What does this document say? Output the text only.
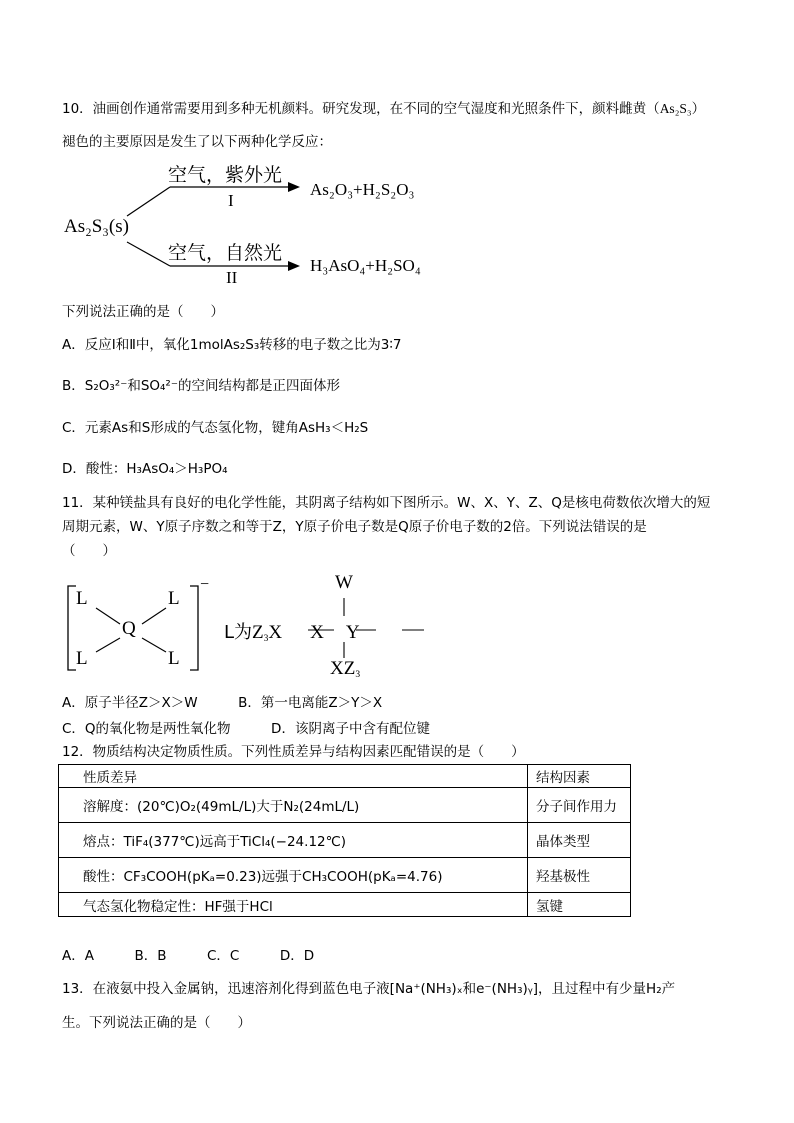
10．油画创作通常需要用到多种无机颜料。研究发现，在不同的空气湿度和光照条件下，颜料雌黄（As₂S₃）
褪色的主要原因是发生了以下两种化学反应：
As₂S₃(s)
空气，紫外光
I
As₂O₃+H₂S₂O₃
空气，自然光
II
H₃AsO₄+H₂SO₄
下列说法正确的是（　　）
A．反应Ⅰ和Ⅱ中，氧化1molAs₂S₃转移的电子数之比为3∶7
B．S₂O₃²⁻和SO₄²⁻的空间结构都是正四面体形
C．元素As和S形成的气态氢化物，键角AsH₃＜H₂S
D．酸性：H₃AsO₄＞H₃PO₄
11．某种镁盐具有良好的电化学性能，其阴离子结构如下图所示。W、X、Y、Z、Q是核电荷数依次增大的短
周期元素，W、Y原子序数之和等于Z，Y原子价电子数是Q原子价电子数的2倍。下列说法错误的是
（　　）
L	L
Q
L	L
−
L为$Z_3X$ X Y
W
$XZ_3$
A．原子半径Z＞X＞W　　　B．第一电离能Z＞Y＞X
C．Q的氧化物是两性氧化物　　　D．该阴离子中含有配位键
12．物质结构决定物质性质。下列性质差异与结构因素匹配错误的是（　　）
性质差异	结构因素
溶解度：(20℃)O₂(49mL/L)大于N₂(24mL/L)	分子间作用力
熔点：TiF₄(377℃)远高于TiCl₄(−24.12℃)	晶体类型
酸性：CF₃COOH(pKₐ=0.23)远强于CH₃COOH(pKₐ=4.76)	羟基极性
气态氢化物稳定性：HF强于HCl	氢键
A．A　　　B．B　　　C．C　　　D．D
13．在液氨中投入金属钠，迅速溶剂化得到蓝色电子液[Na⁺(NH₃)ₓ和e⁻(NH₃)ᵧ]，且过程中有少量H₂产
生。下列说法正确的是（　　）
